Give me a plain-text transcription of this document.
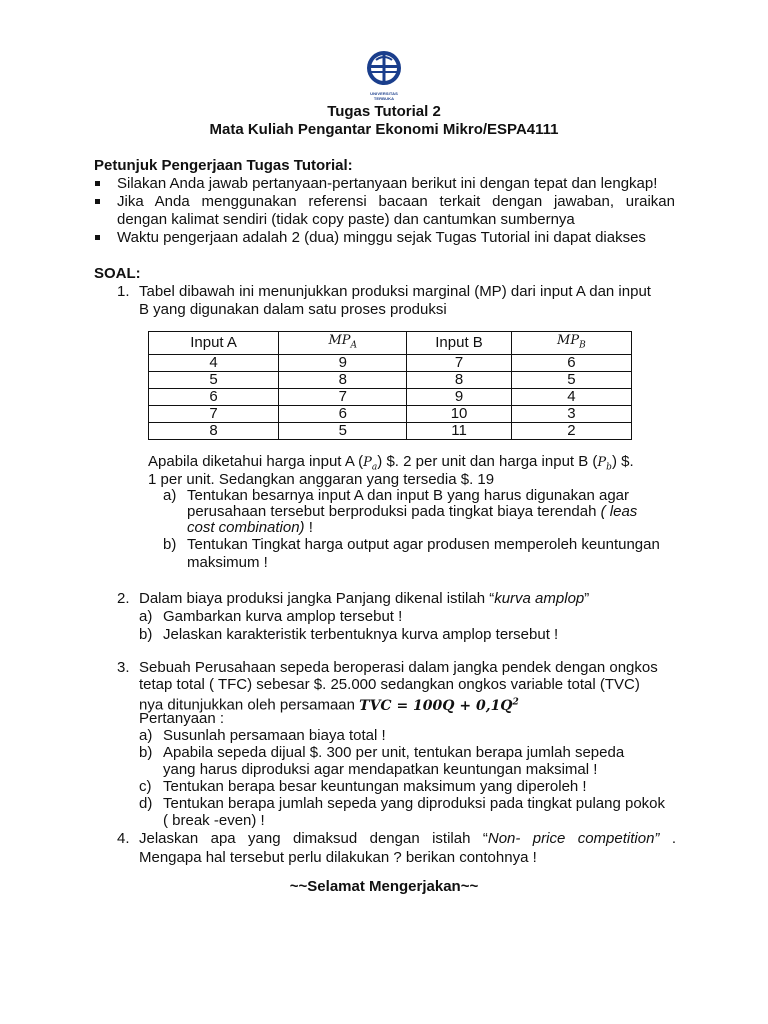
UNIVERSITAS TERBUKA
Tugas Tutorial 2
Mata Kuliah Pengantar Ekonomi Mikro/ESPA4111
Petunjuk Pengerjaan Tugas Tutorial:
Silakan Anda jawab pertanyaan-pertanyaan berikut ini dengan tepat dan lengkap!
Jika Anda menggunakan referensi bacaan terkait dengan jawaban, uraikan
dengan kalimat sendiri (tidak copy paste) dan cantumkan sumbernya
Waktu pengerjaan adalah 2 (dua) minggu sejak Tugas Tutorial ini dapat diakses
SOAL:
1. Tabel dibawah ini menunjukkan produksi marginal (MP) dari input A dan input
B yang digunakan dalam satu proses produksi
Input A	$MP_A$	Input B	$MP_B$
4	9	7	6
5	8	8	5
6	7	9	4
7	6	10	3
8	5	11	2
Apabila diketahui harga input A $(P_a)$ $. 2 per unit dan harga input B $(P_b)$ $.
1 per unit. Sedangkan anggaran yang tersedia $. 19
a) Tentukan besarnya input A dan input B yang harus digunakan agar
perusahaan tersebut berproduksi pada tingkat biaya terendah ( leas
cost combination) !
b) Tentukan Tingkat harga output agar produsen memperoleh keuntungan
maksimum !
2. Dalam biaya produksi jangka Panjang dikenal istilah “kurva amplop”
a) Gambarkan kurva amplop tersebut !
b) Jelaskan karakteristik terbentuknya kurva amplop tersebut !
3. Sebuah Perusahaan sepeda beroperasi dalam jangka pendek dengan ongkos
tetap total ( TFC) sebesar $. 25.000 sedangkan ongkos variable total (TVC)
nya ditunjukkan oleh persamaan TVC = $100Q + 0,1Q^2$
Pertanyaan :
a) Susunlah persamaan biaya total !
b) Apabila sepeda dijual $. 300 per unit, tentukan berapa jumlah sepeda
yang harus diproduksi agar mendapatkan keuntungan maksimal !
c) Tentukan berapa besar keuntungan maksimum yang diperoleh !
d) Tentukan berapa jumlah sepeda yang diproduksi pada tingkat pulang pokok
( break -even) !
4. Jelaskan apa yang dimaksud dengan istilah “Non- price competition” .
Mengapa hal tersebut perlu dilakukan ? berikan contohnya !
~~Selamat Mengerjakan~~
